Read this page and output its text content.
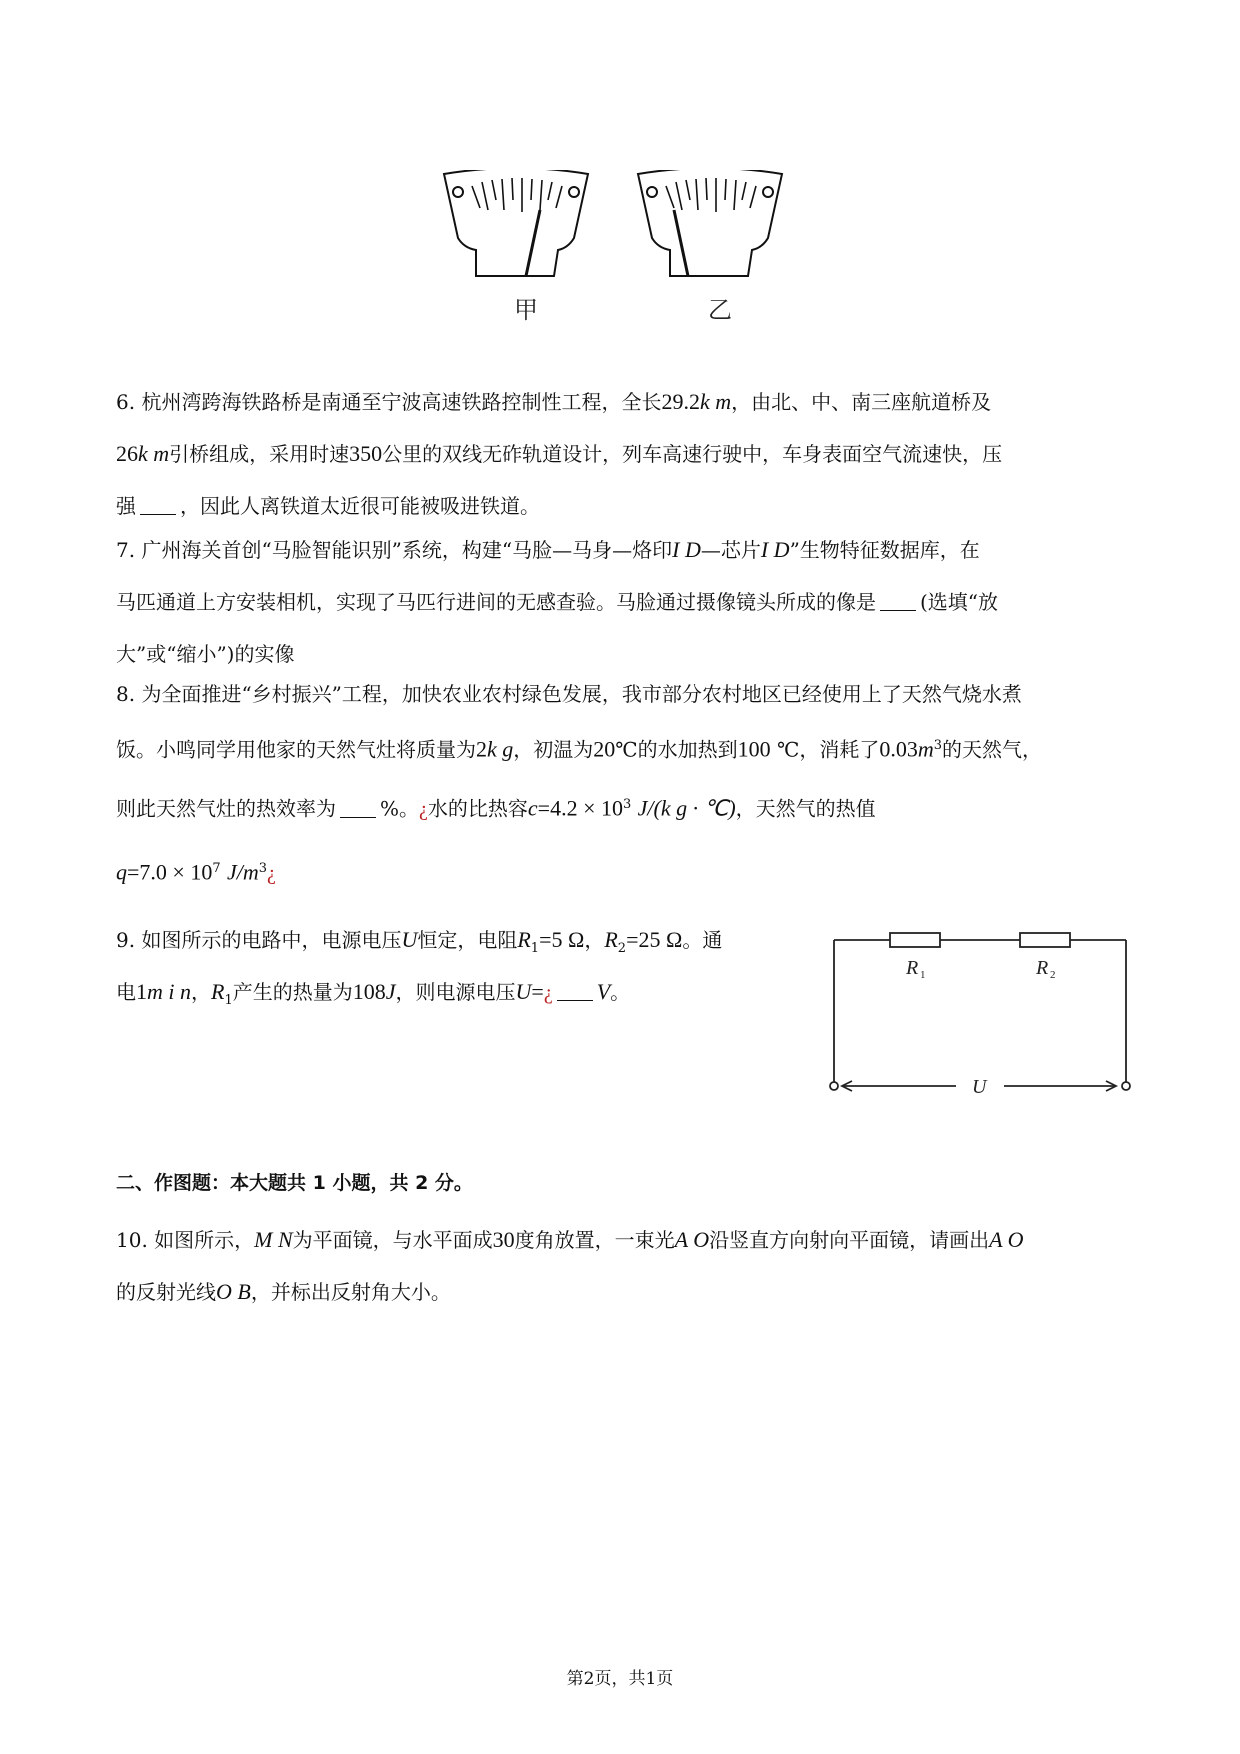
甲	乙
6. 杭州湾跨海铁路桥是南通至宁波高速铁路控制性工程，全长29.2k m，由北、中、南三座航道桥及
26k m引桥组成，采用时速350公里的双线无砟轨道设计，列车高速行驶中，车身表面空气流速快，压
强 ，因此人离铁道太近很可能被吸进铁道。
7. 广州海关首创“马脸智能识别”系统，构建“马脸—马身—烙印I D—芯片I D”生物特征数据库，在
马匹通道上方安装相机，实现了马匹行进间的无感查验。马脸通过摄像镜头所成的像是 (选填“放
大”或“缩小”)的实像
8. 为全面推进“乡村振兴”工程，加快农业农村绿色发展，我市部分农村地区已经使用上了天然气烧水煮
饭。小鸣同学用他家的天然气灶将质量为2k g，初温为20℃的水加热到100 ℃，消耗了$0.03m^3$的天然气，
则此天然气灶的热效率为 %。¿水的比热容$c=4.2 \times 10^3$ J/(k g · ℃)，天然气的热值
$q=7.0 \times 10^7$ $J/m^3¿$
9. 如图所示的电路中，电源电压U恒定，电阻$R_1=5$ Ω，$R_2=25$ Ω。通
电1m i n，$R_1$产生的热量为108J，则电源电压U=¿ V。
R 1	R 2
U
二、作图题：本大题共 1 小题，共 2 分。
10. 如图所示，M N为平面镜，与水平面成30度角放置，一束光A O沿竖直方向射向平面镜，请画出A O
的反射光线O B，并标出反射角大小。
第2页，共1页
